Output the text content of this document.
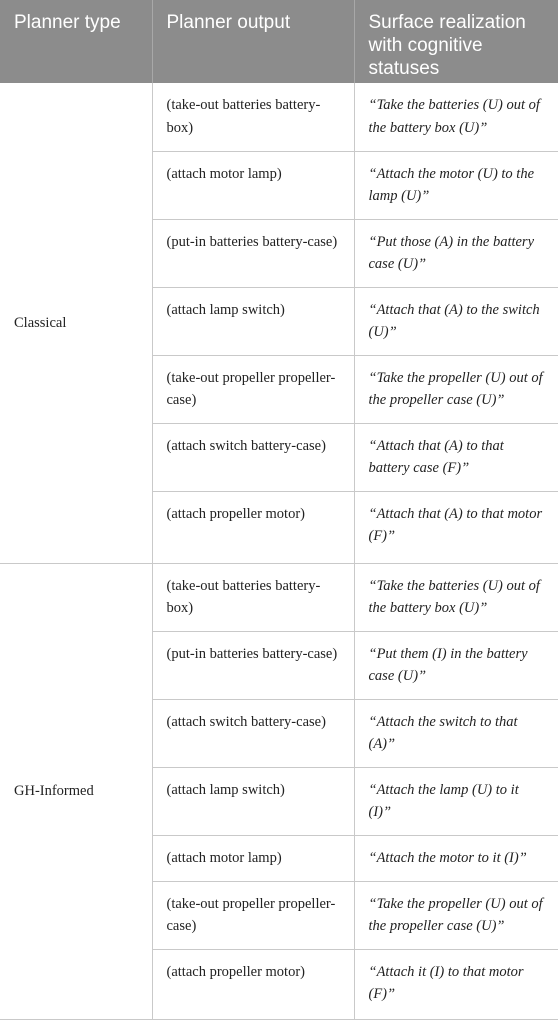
Planner type	Planner output	Surface realization with cognitive statuses
Classical	(take-out batteries battery-box)	“Take the batteries (U) out of the battery box (U)”
	(attach motor lamp)	“Attach the motor (U) to the lamp (U)”
	(put-in batteries battery-case)	“Put those (A) in the battery case (U)”
	(attach lamp switch)	“Attach that (A) to the switch (U)”
	(take-out propeller propeller-case)	“Take the propeller (U) out of the propeller case (U)”
	(attach switch battery-case)	“Attach that (A) to that battery case (F)”
	(attach propeller motor)	“Attach that (A) to that motor (F)”
GH-Informed	(take-out batteries battery-box)	“Take the batteries (U) out of the battery box (U)”
	(put-in batteries battery-case)	“Put them (I) in the battery case (U)”
	(attach switch battery-case)	“Attach the switch to that (A)”
	(attach lamp switch)	“Attach the lamp (U) to it (I)”
	(attach motor lamp)	“Attach the motor to it (I)”
	(take-out propeller propeller-case)	“Take the propeller (U) out of the propeller case (U)”
	(attach propeller motor)	“Attach it (I) to that motor (F)”
